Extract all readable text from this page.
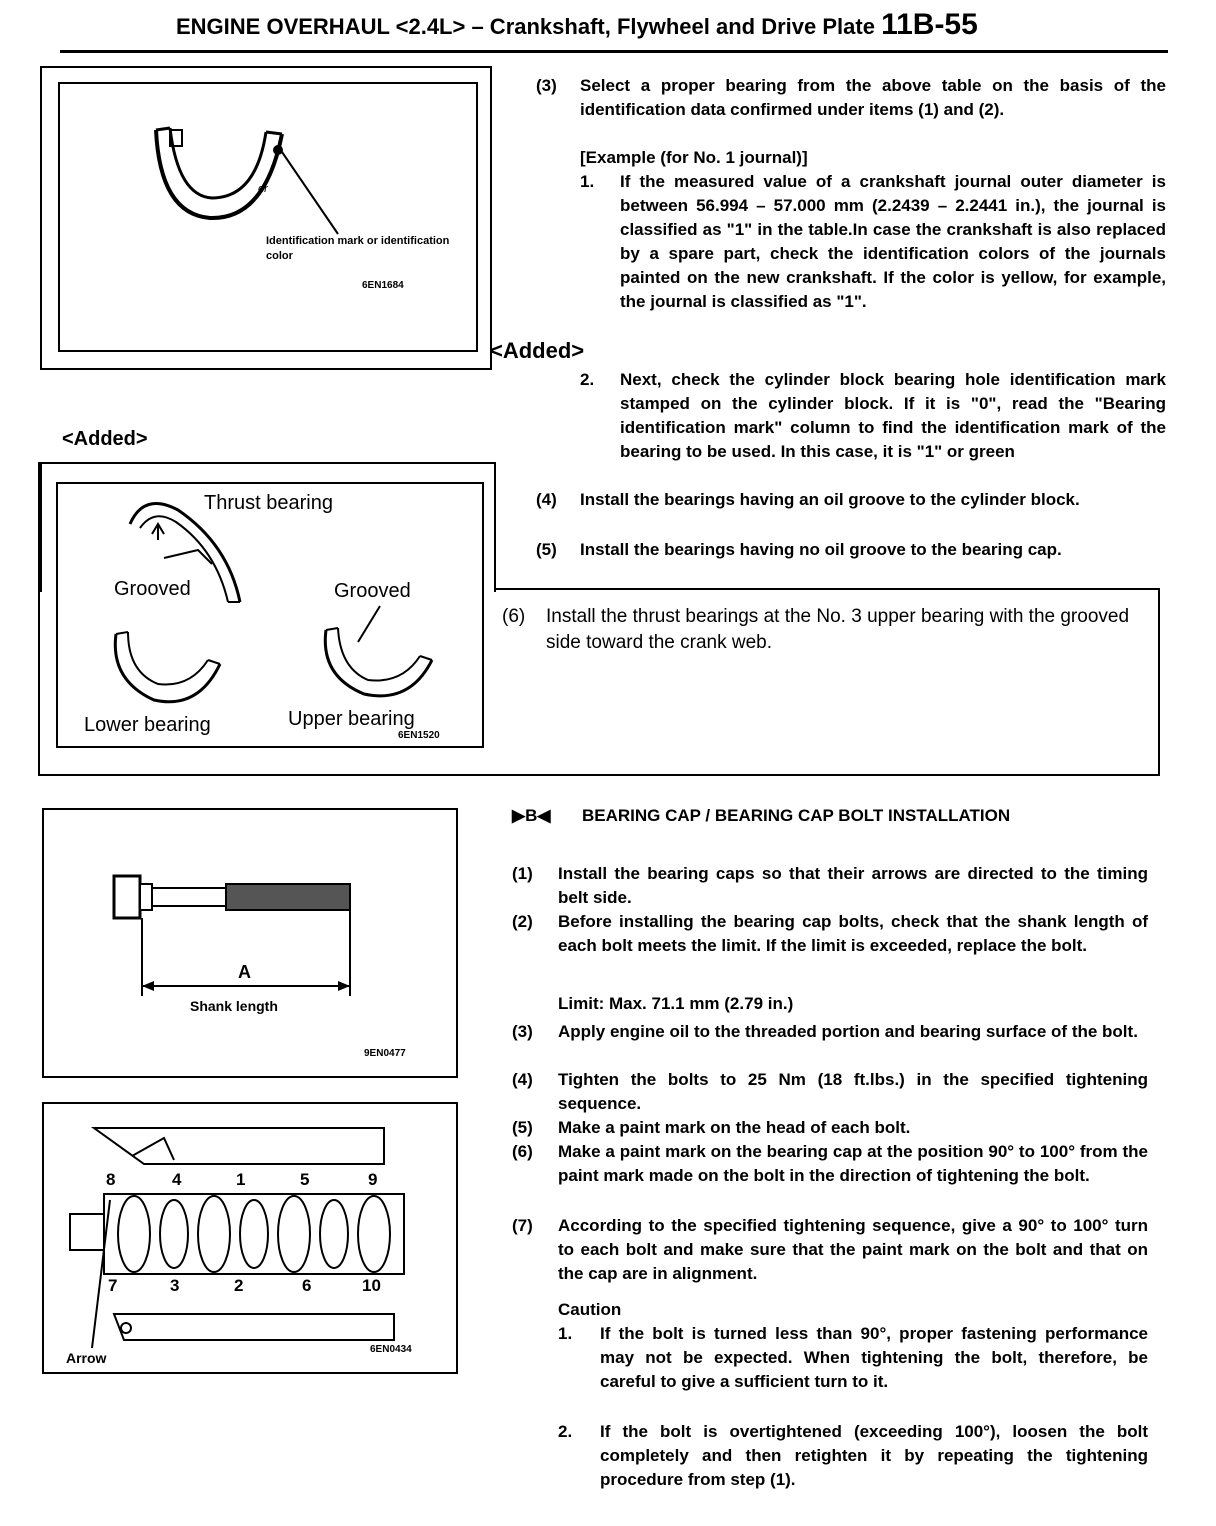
ENGINE OVERHAUL <2.4L> – Crankshaft, Flywheel and Drive Plate 11B-55
dr
Identification mark or identification color
6EN1684
<Added>
(3) Select a proper bearing from the above table on the basis of the identification data confirmed under items (1) and (2).
[Example (for No. 1 journal)]
1. If the measured value of a crankshaft journal outer diameter is between 56.994 – 57.000 mm (2.2439 – 2.2441 in.), the journal is classified as "1" in the table.In case the crankshaft is also replaced by a spare part, check the identification colors of the journals painted on the new crankshaft. If the color is yellow, for example, the journal is classified as "1".
2. Next, check the cylinder block bearing hole identification mark stamped on the cylinder block. If it is "0", read the "Bearing identification mark" column to find the identification mark of the bearing to be used. In this case, it is "1" or green
(4) Install the bearings having an oil groove to the cylinder block.
(5) Install the bearings having no oil groove to the bearing cap.
<Added>
(6) Install the thrust bearings at the No. 3 upper bearing with the grooved side toward the crank web.
Thrust bearing
Grooved	Grooved
Lower bearing	Upper bearing
6EN1520
A
Shank length
9EN0477
8	4	1	5	9
7	3	2	6	10
Arrow
6EN0434
▶B◀ BEARING CAP / BEARING CAP BOLT INSTALLATION
(1) Install the bearing caps so that their arrows are directed to the timing belt side.
(2) Before installing the bearing cap bolts, check that the shank length of each bolt meets the limit. If the limit is exceeded, replace the bolt.
Limit: Max. 71.1 mm (2.79 in.)
(3) Apply engine oil to the threaded portion and bearing surface of the bolt.
(4) Tighten the bolts to 25 Nm (18 ft.lbs.) in the specified tightening sequence.
(5) Make a paint mark on the head of each bolt.
(6) Make a paint mark on the bearing cap at the position 90° to 100° from the paint mark made on the bolt in the direction of tightening the bolt.
(7) According to the specified tightening sequence, give a 90° to 100° turn to each bolt and make sure that the paint mark on the bolt and that on the cap are in alignment.
Caution
1. If the bolt is turned less than 90°, proper fastening performance may not be expected. When tightening the bolt, therefore, be careful to give a sufficient turn to it.
2. If the bolt is overtightened (exceeding 100°), loosen the bolt completely and then retighten it by repeating the tightening procedure from step (1).
